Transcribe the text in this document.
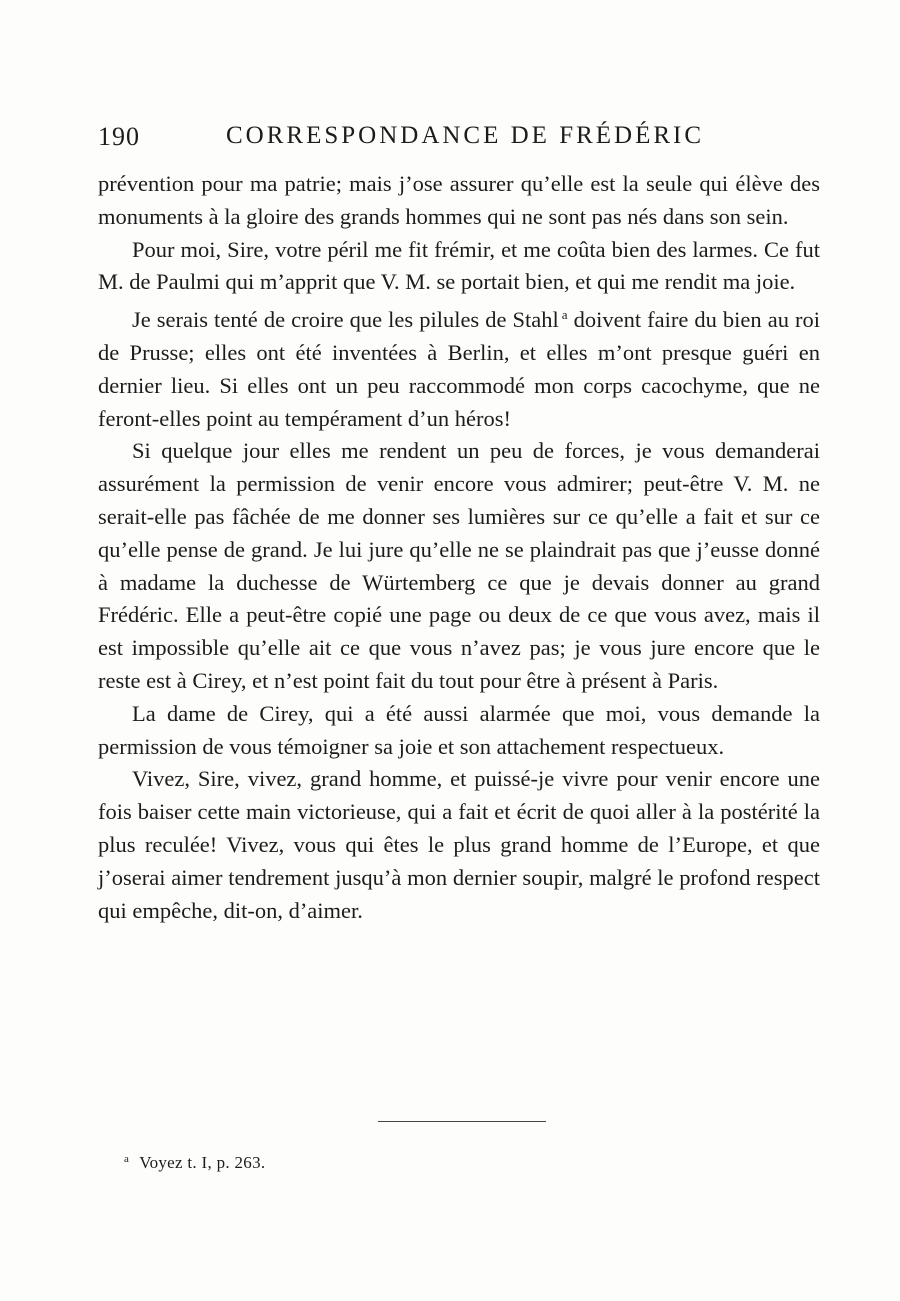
190	CORRESPONDANCE DE FRÉDÉRIC

prévention pour ma patrie; mais j’ose assurer qu’elle est la seule qui élève des monuments à la gloire des grands hommes qui ne sont pas nés dans son sein.

Pour moi, Sire, votre péril me fit frémir, et me coûta bien des larmes. Ce fut M. de Paulmi qui m’apprit que V. M. se portait bien, et qui me rendit ma joie.

Je serais tenté de croire que les pilules de Stahl $^a$ doivent faire du bien au roi de Prusse; elles ont été inventées à Berlin, et elles m’ont presque guéri en dernier lieu. Si elles ont un peu raccommodé mon corps cacochyme, que ne feront-elles point au tempérament d’un héros!

Si quelque jour elles me rendent un peu de forces, je vous demanderai assurément la permission de venir encore vous admirer; peut-être V. M. ne serait-elle pas fâchée de me donner ses lumières sur ce qu’elle a fait et sur ce qu’elle pense de grand. Je lui jure qu’elle ne se plaindrait pas que j’eusse donné à madame la duchesse de Würtemberg ce que je devais donner au grand Frédéric. Elle a peut-être copié une page ou deux de ce que vous avez, mais il est impossible qu’elle ait ce que vous n’avez pas; je vous jure encore que le reste est à Cirey, et n’est point fait du tout pour être à présent à Paris.

La dame de Cirey, qui a été aussi alarmée que moi, vous demande la permission de vous témoigner sa joie et son attachement respectueux.

Vivez, Sire, vivez, grand homme, et puissé-je vivre pour venir encore une fois baiser cette main victorieuse, qui a fait et écrit de quoi aller à la postérité la plus reculée! Vivez, vous qui êtes le plus grand homme de l’Europe, et que j’oserai aimer tendrement jusqu’à mon dernier soupir, malgré le profond respect qui empêche, dit-on, d’aimer.

$^a$ Voyez t. I, p. 263.
